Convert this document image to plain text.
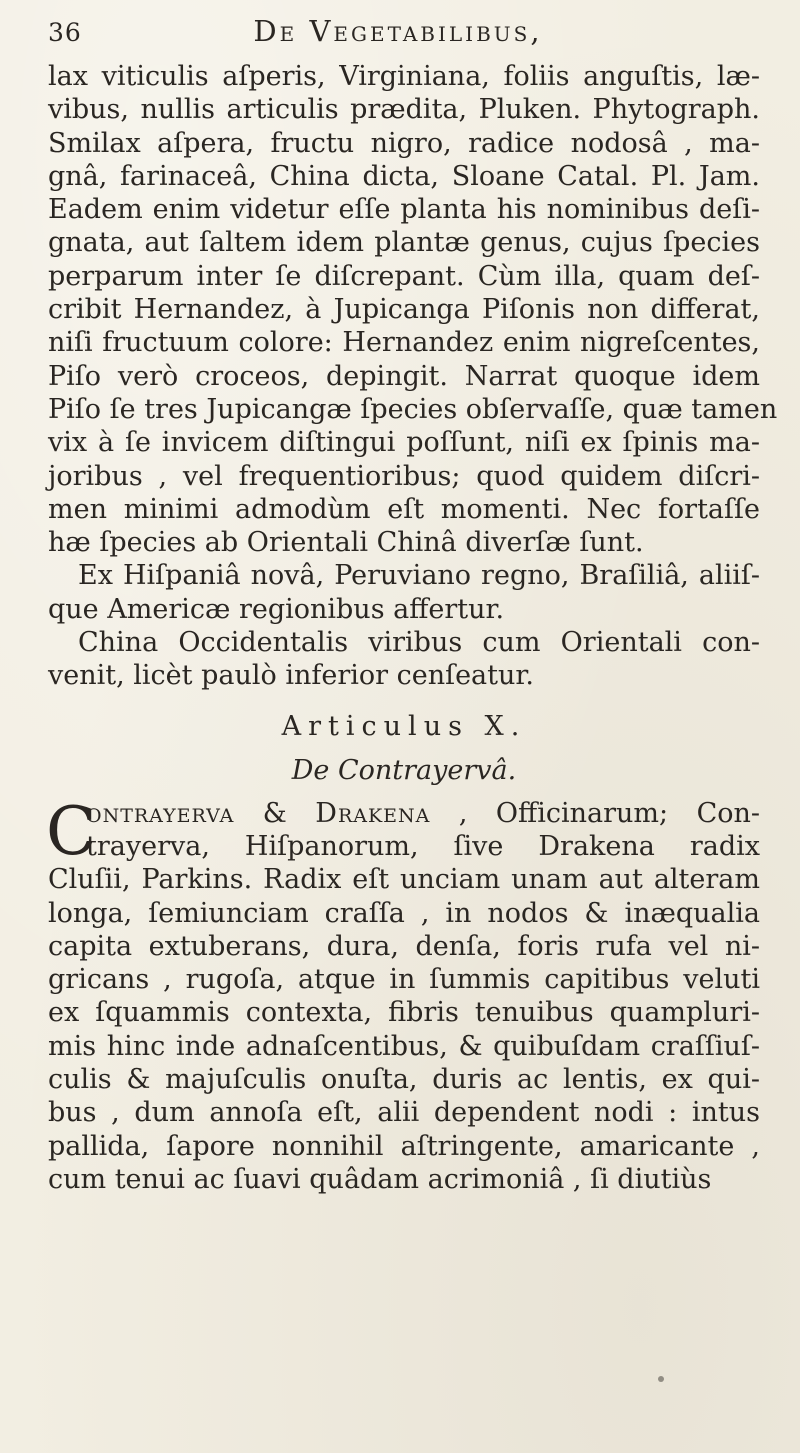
36	De Vegetabilibus,
lax viticulis aſperis, Virginiana, foliis anguſtis, læ-
vibus, nullis articulis prædita, Pluken. Phytograph.
Smilax aſpera, fructu nigro, radice nodosâ , ma-
gnâ, farinaceâ, China dicta, Sloane Catal. Pl. Jam.
Eadem enim videtur eſſe planta his nominibus deſi-
gnata, aut ſaltem idem plantæ genus, cujus ſpecies
perparum inter ſe diſcrepant. Cùm illa, quam deſ-
cribit Hernandez, à Jupicanga Piſonis non differat,
niſi fructuum colore: Hernandez enim nigreſcentes,
Piſo verò croceos, depingit. Narrat quoque idem
Piſo ſe tres Jupicangæ ſpecies obſervaſſe, quæ tamen
vix à ſe invicem diſtingui poſſunt, niſi ex ſpinis ma-
joribus , vel frequentioribus; quod quidem diſcri-
men minimi admodùm eſt momenti. Nec fortaſſe
hæ ſpecies ab Orientali Chinâ diverſæ ſunt.
Ex Hiſpaniâ novâ, Peruviano regno, Braſiliâ, aliiſ-
que Americæ regionibus affertur.
China Occidentalis viribus cum Orientali con-
venit, licèt paulò inferior cenſeatur.
Articulus X.
De Contrayervâ.
C
ontrayerva & Drakena , Officinarum; Con-
trayerva, Hiſpanorum, ſive Drakena radix
Cluſii, Parkins. Radix eſt unciam unam aut alteram
longa, ſemiunciam craſſa , in nodos & inæqualia
capita extuberans, dura, denſa, foris rufa vel ni-
gricans , rugoſa, atque in ſummis capitibus veluti
ex ſquammis contexta, fibris tenuibus quampluri-
mis hinc inde adnaſcentibus, & quibuſdam craſſiuſ-
culis & majuſculis onuſta, duris ac lentis, ex qui-
bus , dum annoſa eſt, alii dependent nodi : intus
pallida, ſapore nonnihil aſtringente, amaricante ,
cum tenui ac ſuavi quâdam acrimoniâ , ſi diutiùs
